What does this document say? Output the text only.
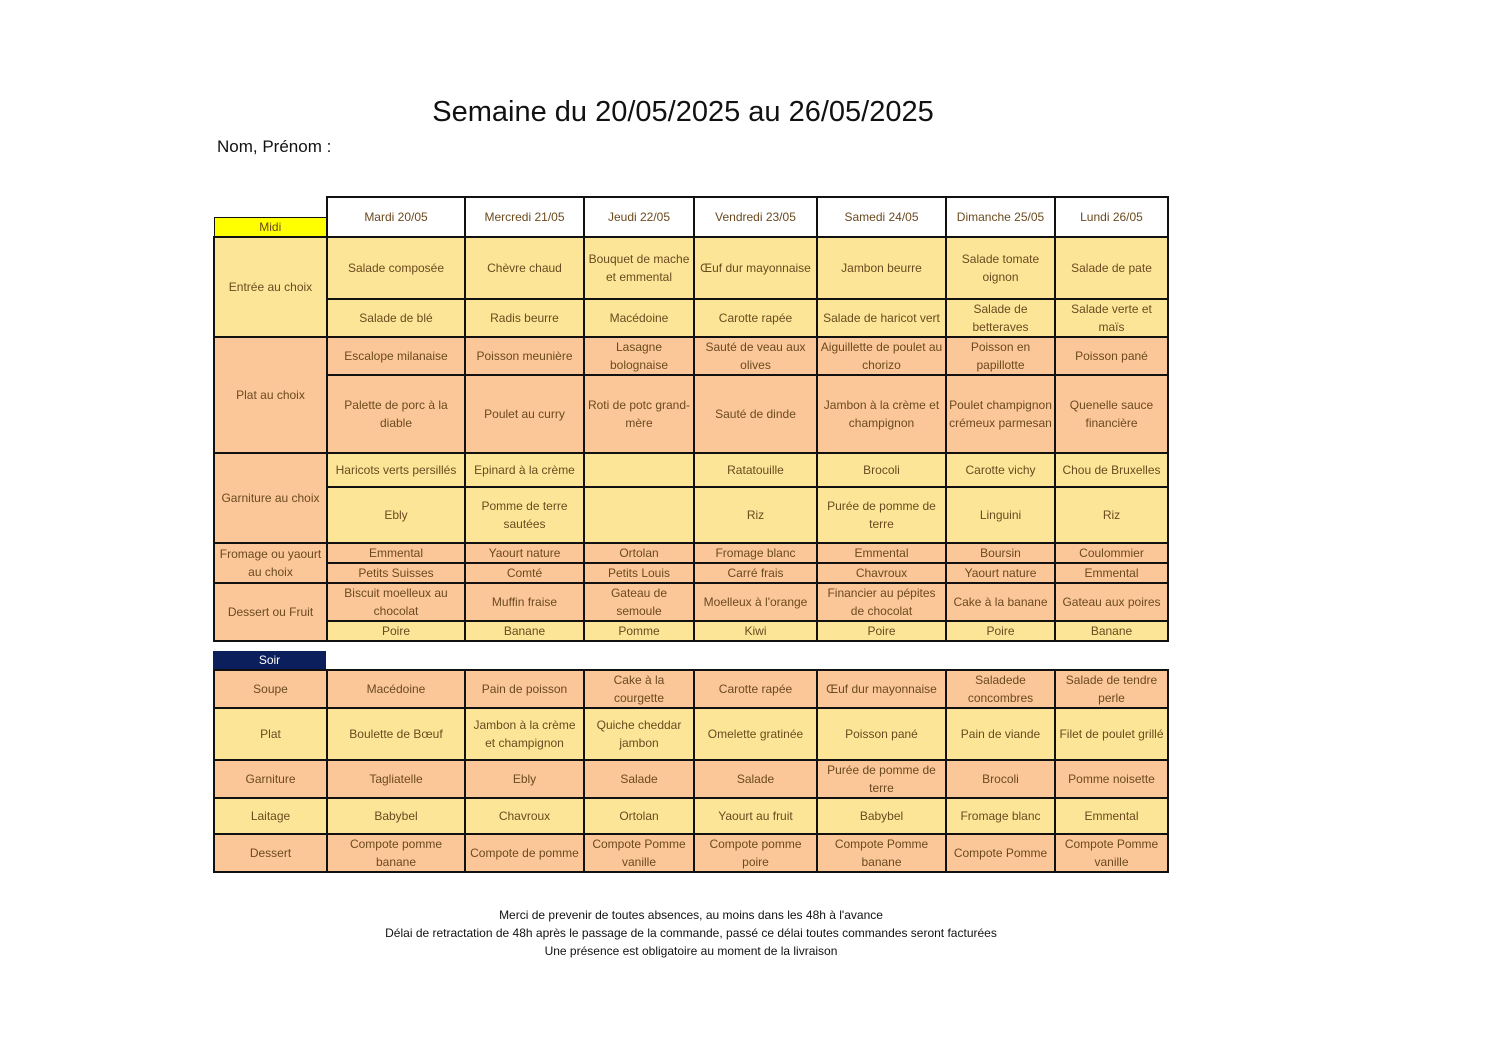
Semaine du 20/05/2025 au 26/05/2025
Nom, Prénom :
	Mardi 20/05	Mercredi 21/05	Jeudi 22/05	Vendredi 23/05	Samedi 24/05	Dimanche 25/05	Lundi 26/05
Midi							
Entrée au choix	Salade composée	Chèvre chaud	Bouquet de mache et emmental	Œuf dur mayonnaise	Jambon beurre	Salade tomate oignon	Salade de pate
	Salade de blé	Radis beurre	Macédoine	Carotte rapée	Salade de haricot vert	Salade de betteraves	Salade verte et maïs
Plat au choix	Escalope milanaise	Poisson meunière	Lasagne bolognaise	Sauté de veau aux olives	Aiguillette de poulet au chorizo	Poisson en papillotte	Poisson pané
	Palette de porc à la diable	Poulet au curry	Roti de potc grand-mère	Sauté de dinde	Jambon à la crème et champignon	Poulet champignon crémeux parmesan	Quenelle sauce financière
Garniture au choix	Haricots verts persillés	Epinard à la crème		Ratatouille	Brocoli	Carotte vichy	Chou de Bruxelles
	Ebly	Pomme de terre sautées		Riz	Purée de pomme de terre	Linguini	Riz
Fromage ou yaourt au choix	Emmental	Yaourt nature	Ortolan	Fromage blanc	Emmental	Boursin	Coulommier
	Petits Suisses	Comté	Petits Louis	Carré frais	Chavroux	Yaourt nature	Emmental
Dessert ou Fruit	Biscuit moelleux au chocolat	Muffin fraise	Gateau de semoule	Moelleux à l'orange	Financier au pépites de chocolat	Cake à la banane	Gateau aux poires
	Poire	Banane	Pomme	Kiwi	Poire	Poire	Banane
Soir
Soupe	Macédoine	Pain de poisson	Cake à la courgette	Carotte rapée	Œuf dur mayonnaise	Saladede concombres	Salade de tendre perle
Plat	Boulette de Bœuf	Jambon à la crème et champignon	Quiche cheddar jambon	Omelette gratinée	Poisson pané	Pain de viande	Filet de poulet grillé
Garniture	Tagliatelle	Ebly	Salade	Salade	Purée de pomme de terre	Brocoli	Pomme noisette
Laitage	Babybel	Chavroux	Ortolan	Yaourt au fruit	Babybel	Fromage blanc	Emmental
Dessert	Compote pomme banane	Compote de pomme	Compote Pomme vanille	Compote pomme poire	Compote Pomme banane	Compote Pomme	Compote Pomme vanille
Merci de prevenir de toutes absences, au moins dans les 48h à l'avance
Délai de retractation de 48h après le passage de la commande, passé ce délai toutes commandes seront facturées
Une présence est obligatoire au moment de la livraison
